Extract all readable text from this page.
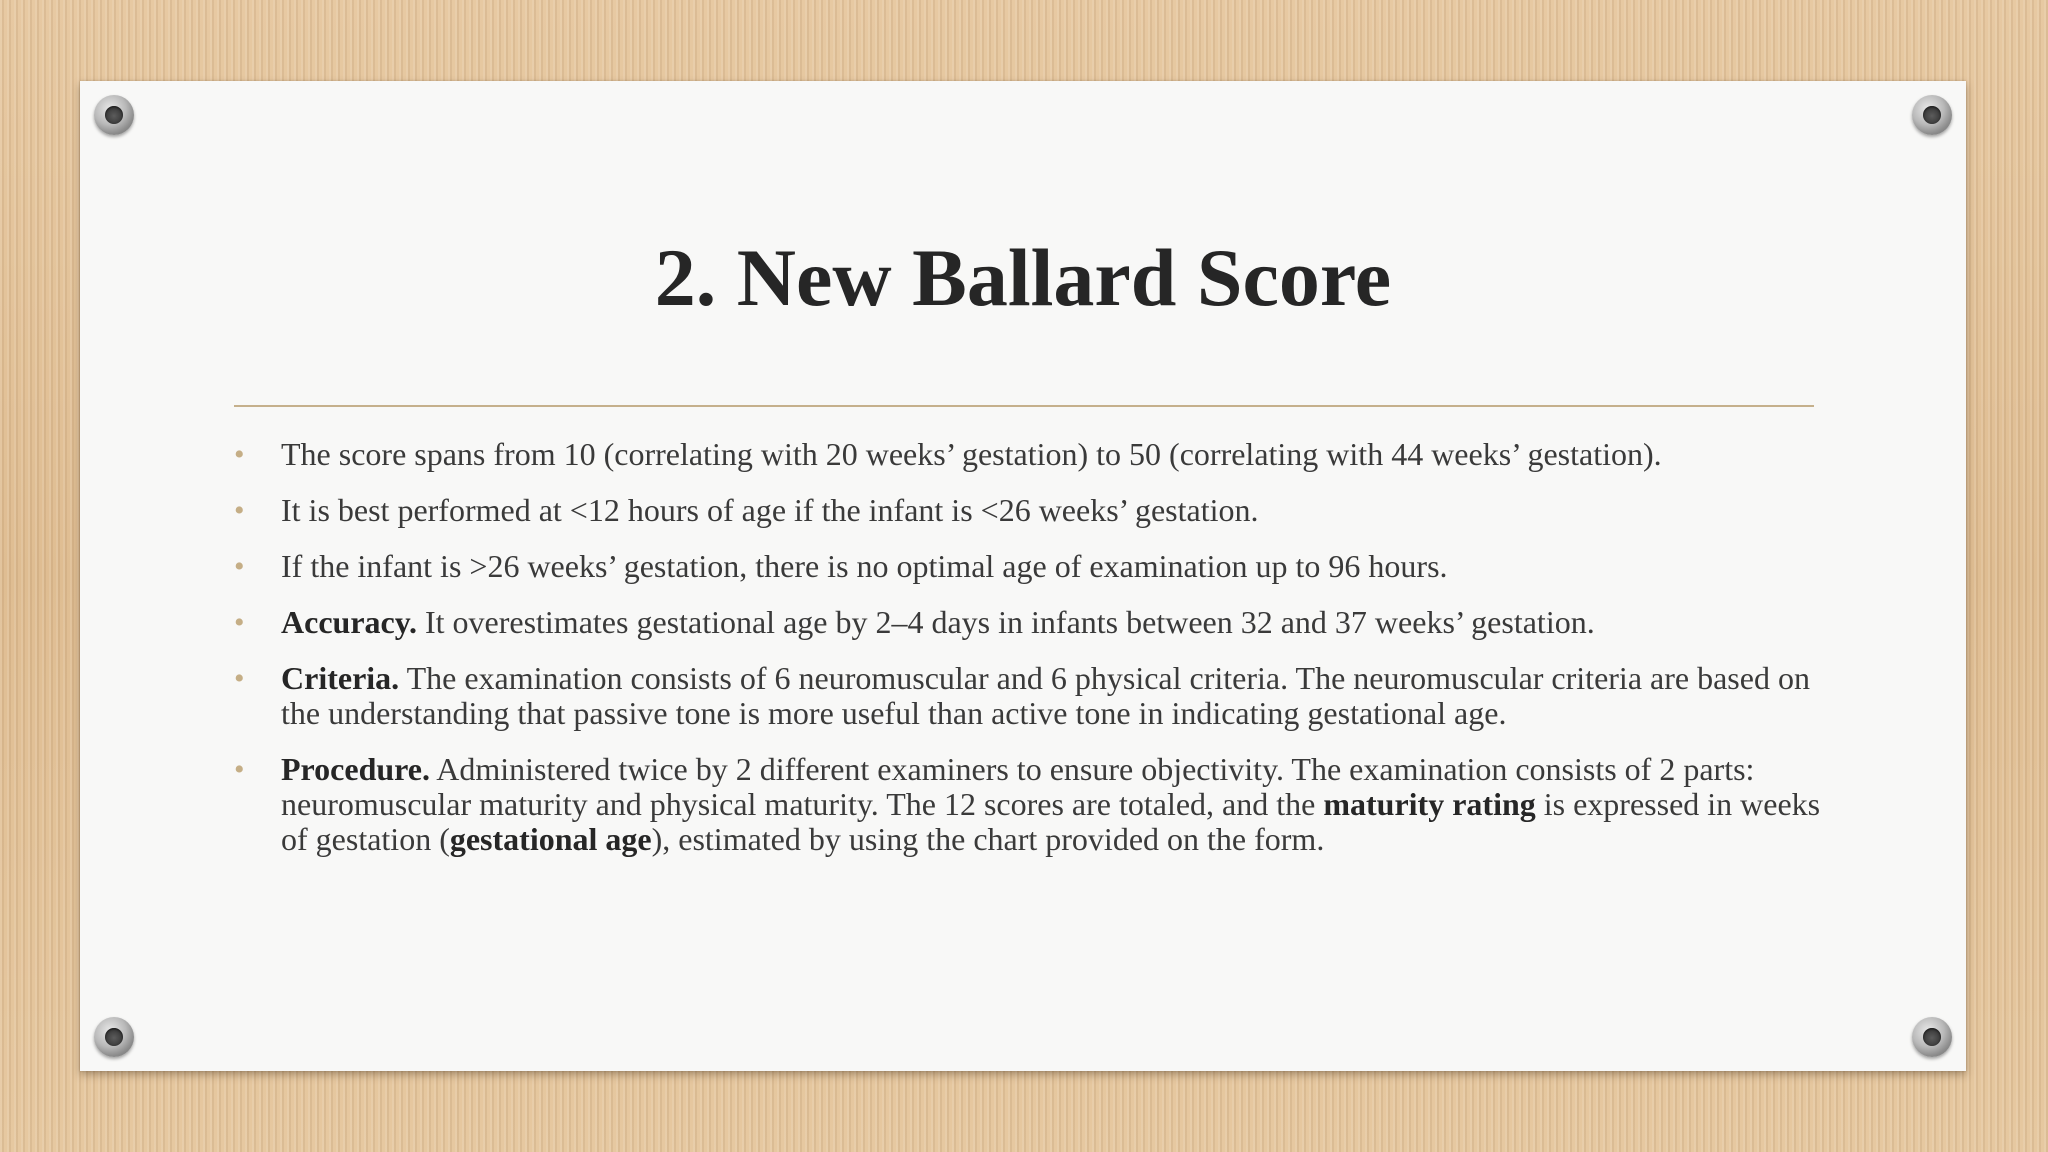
2. New Ballard Score
• The score spans from 10 (correlating with 20 weeks’ gestation) to 50 (correlating with 44 weeks’ gestation).
• It is best performed at <12 hours of age if the infant is <26 weeks’ gestation.
• If the infant is >26 weeks’ gestation, there is no optimal age of examination up to 96 hours.
• Accuracy. It overestimates gestational age by 2–4 days in infants between 32 and 37 weeks’ gestation.
• Criteria. The examination consists of 6 neuromuscular and 6 physical criteria. The neuromuscular criteria are based on the understanding that passive tone is more useful than active tone in indicating gestational age.
• Procedure. Administered twice by 2 different examiners to ensure objectivity. The examination consists of 2 parts: neuromuscular maturity and physical maturity. The 12 scores are totaled, and the maturity rating is expressed in weeks of gestation (gestational age), estimated by using the chart provided on the form.
